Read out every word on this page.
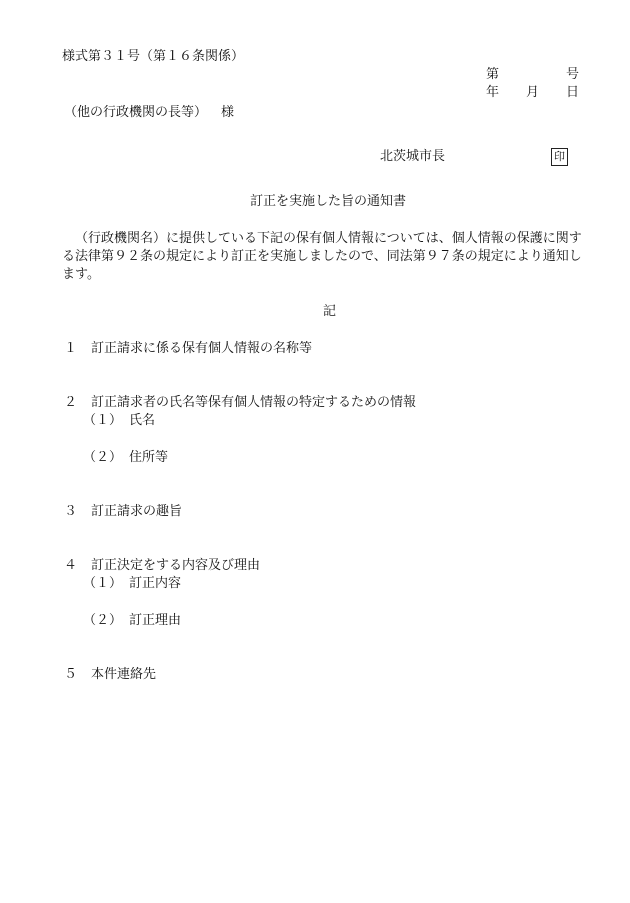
様式第３１号（第１６条関係）
第	号
年 月 日
（他の行政機関の長等） 様
北茨城市長	印
訂正を実施した旨の通知書
（行政機関名）に提供している下記の保有個人情報については、個人情報の保護に関す
る法律第９２条の規定により訂正を実施しましたので、同法第９７条の規定により通知し
ます。
記
１ 訂正請求に係る保有個人情報の名称等
２ 訂正請求者の氏名等保有個人情報の特定するための情報
（１） 氏名
（２） 住所等
３ 訂正請求の趣旨
４ 訂正決定をする内容及び理由
（１） 訂正内容
（２） 訂正理由
５ 本件連絡先
